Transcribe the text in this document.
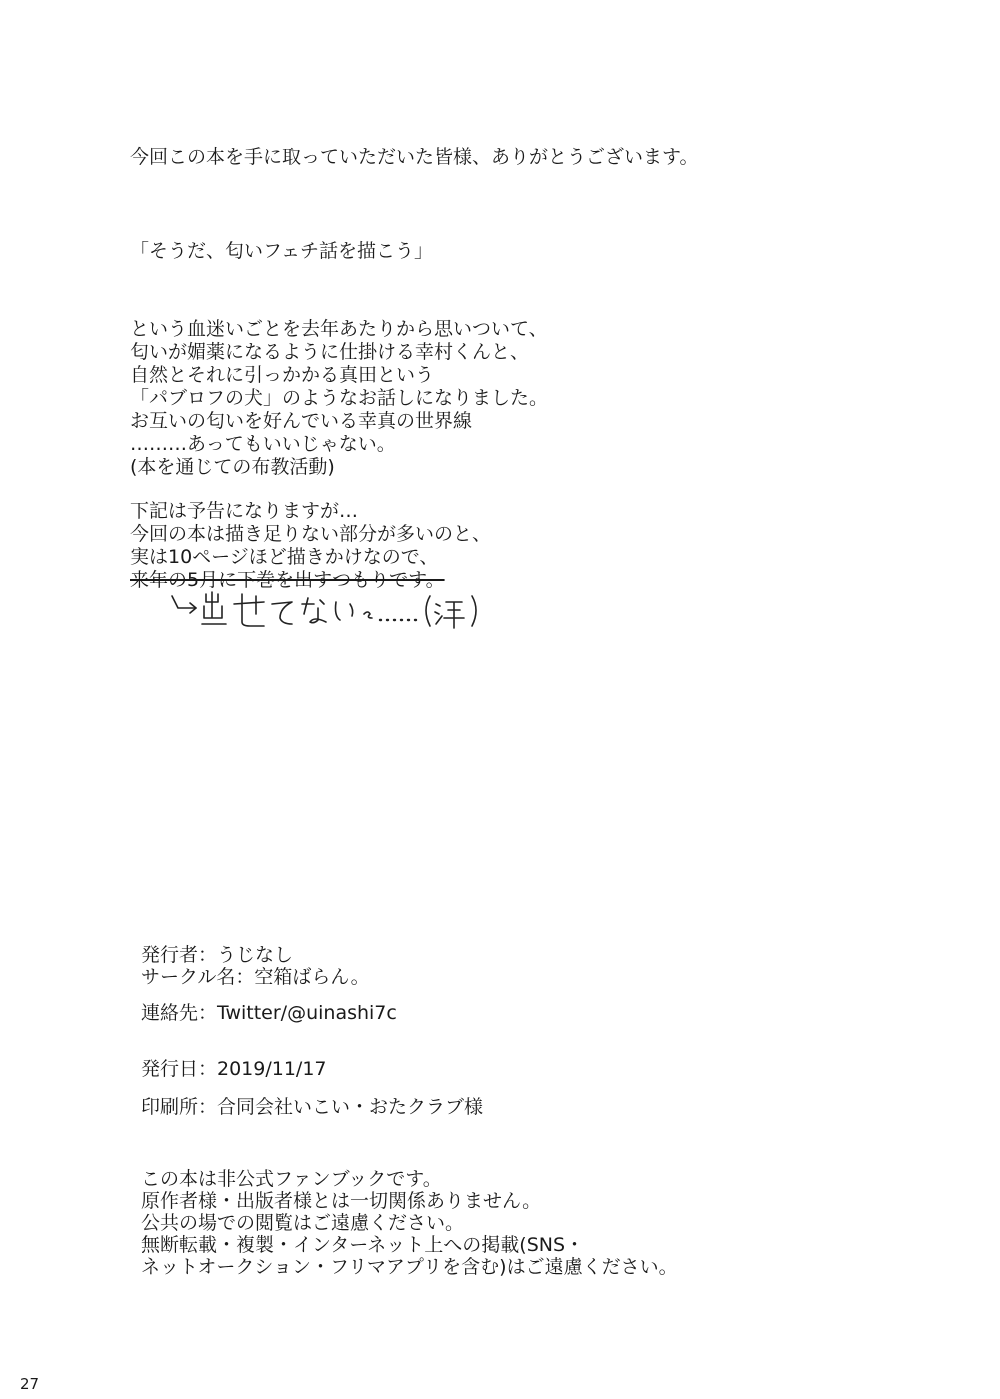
今回この本を手に取っていただいた皆様、ありがとうございます。

「そうだ、匂いフェチ話を描こう」

という血迷いごとを去年あたりから思いついて、

匂いが媚薬になるように仕掛ける幸村くんと、

自然とそれに引っかかる真田という

「パブロフの犬」のようなお話しになりました。

お互いの匂いを好んでいる幸真の世界線

………あってもいいじゃない。

(本を通じての布教活動)

下記は予告になりますが…

今回の本は描き足りない部分が多いのと、

実は10ページほど描きかけなので、

来年の5月に下巻を出すつもりです。

発行者：うじなし

サークル名：空箱ばらん。

連絡先：Twitter/@uinashi7c

発行日：2019/11/17

印刷所：合同会社いこい・おたクラブ様

この本は非公式ファンブックです。

原作者様・出版者様とは一切関係ありません。

公共の場での閲覧はご遠慮ください。

無断転載・複製・インターネット上への掲載(SNS・

ネットオークション・フリマアプリを含む)はご遠慮ください。

27
